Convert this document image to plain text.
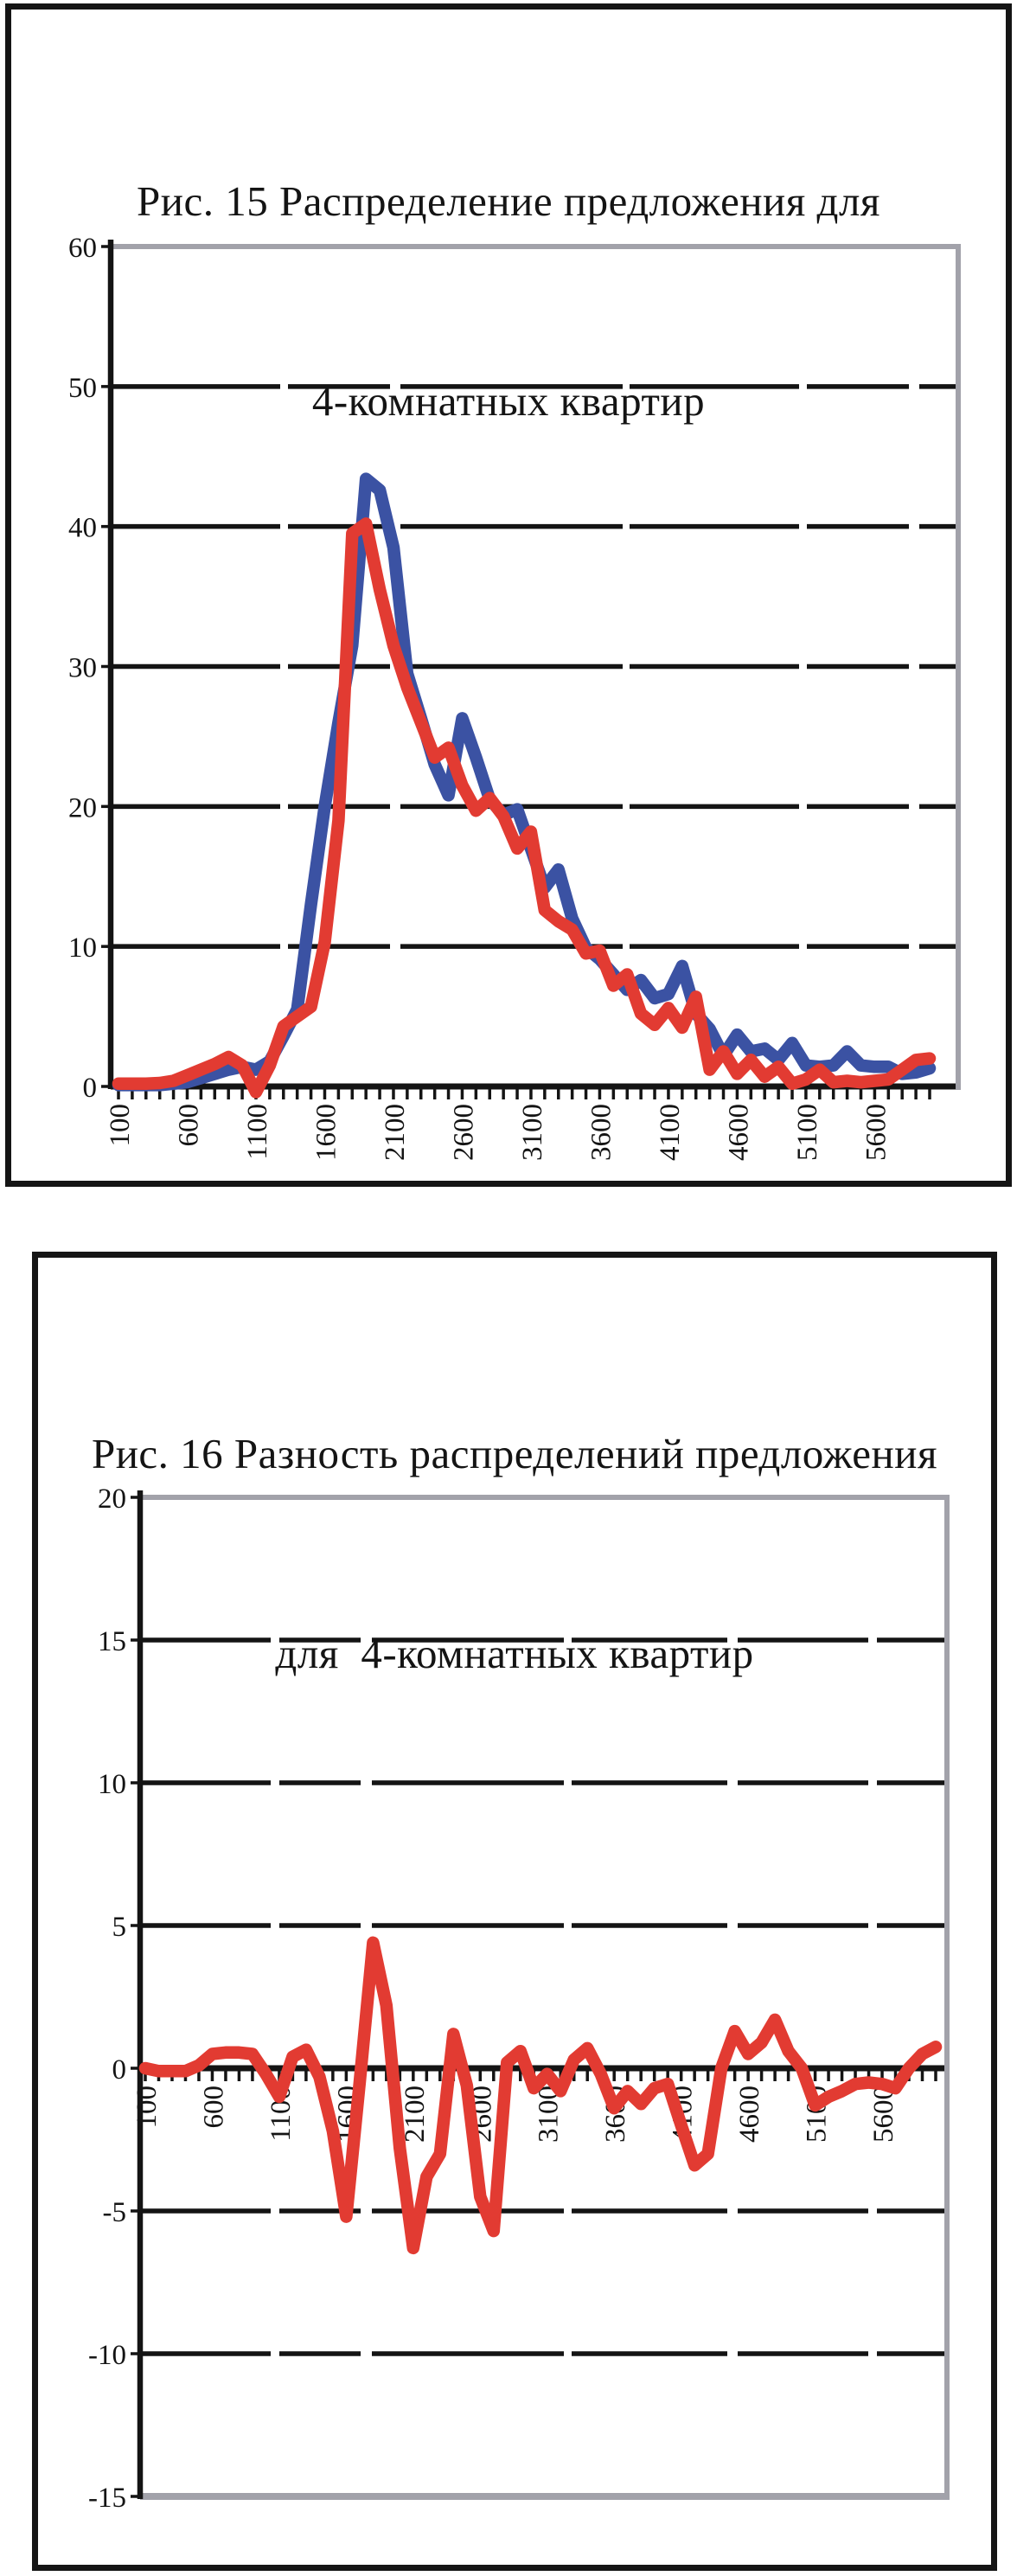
Рис. 15 Распределение предложения для

4-комнатных квартир

Рис. 16 Разность распределений предложения

для  4-комнатных квартир

0
10
20
30
40
50
60
100 600 1100 1600 2100 2600 3100 3600 4100 4600 5100 5600
-15
-10
-5
0
5
10
15
20
100 600 1100 1600 2100 2600 3100 3600 4100 4600 5100 5600
